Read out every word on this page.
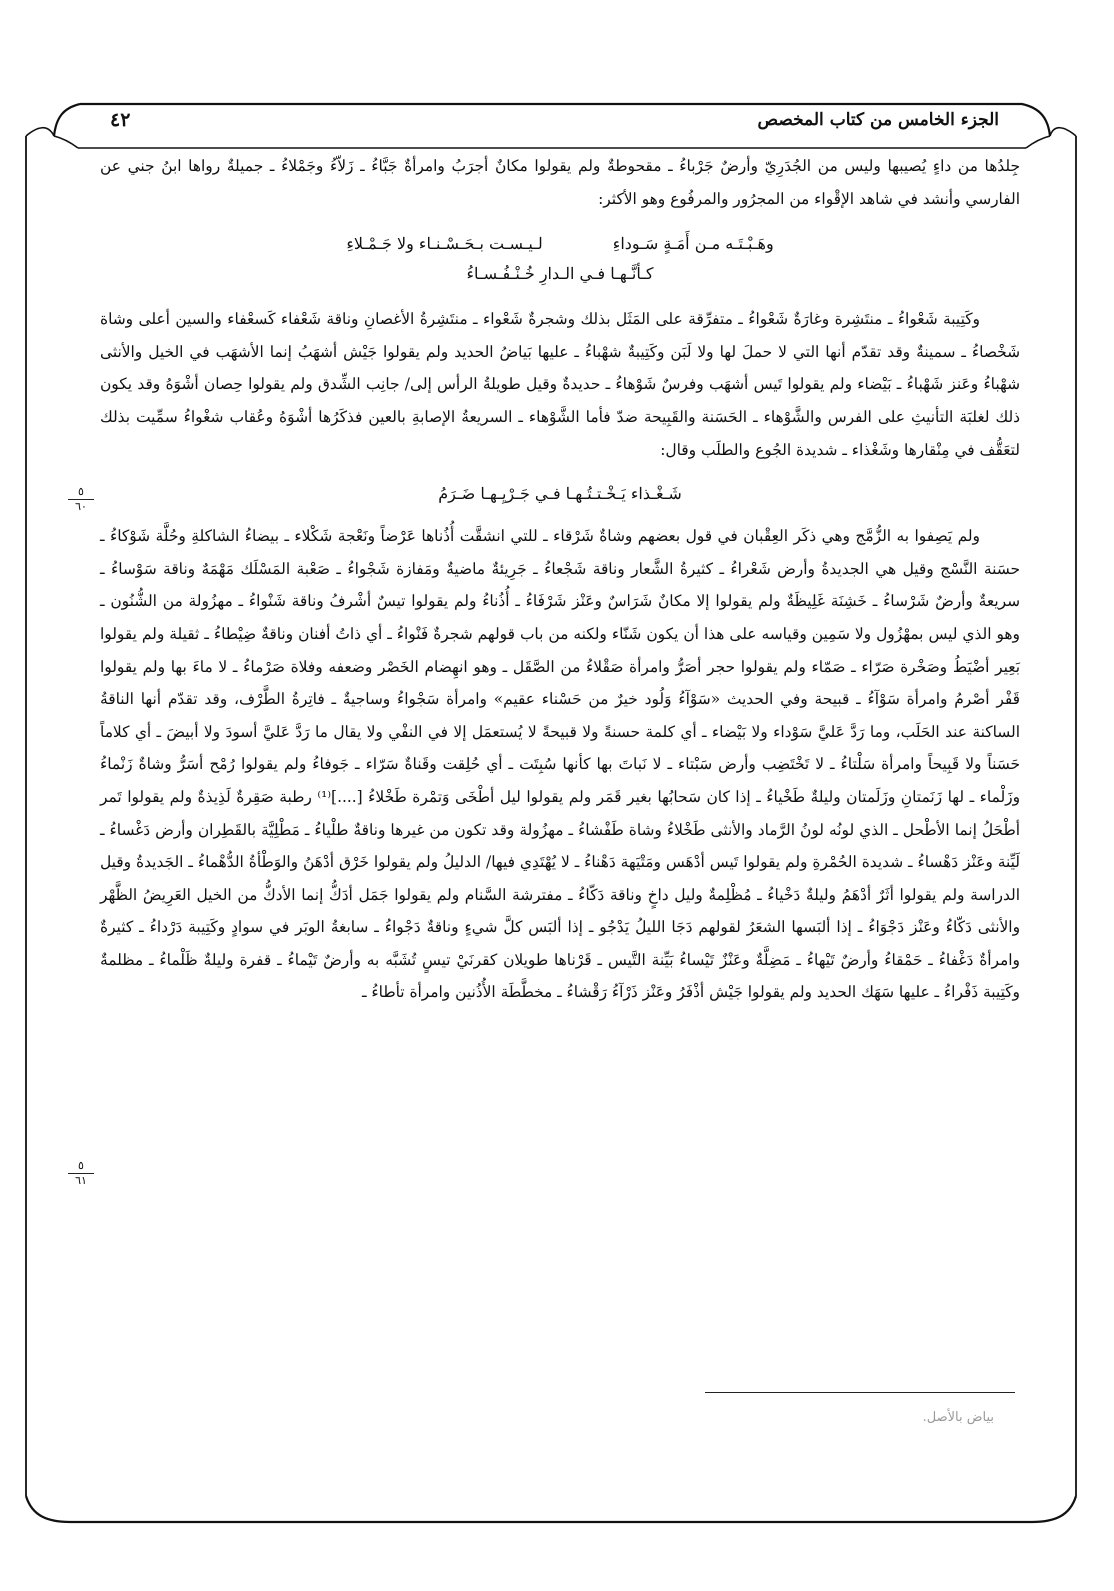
الجزء الخامس من كتاب المخصص
٤٢
٥
٦٠
٥
٦١

جِلدُها من داءٍ يُصيبها وليس من الجُدَرِيّ وأرضٌ جَرْباءُ ـ مقحوطةٌ ولم يقولوا مكانٌ أجرَبُ وامرأةٌ جَبَّاءُ ـ زَلاّءُ وجَمْلاءُ ـ جميلةٌ رواها ابنُ جني عن الفارسي وأنشد في شاهد الإقْواء من المجرُور والمرفُوع وهو الأكثر:

وهَـبْـتَـه مـن أَمَـةٍ سَـوداءِ
لـيـسـت بـحَـسْـنـاء ولا جَـمْـلاءِ
كـأنَّـهـا فـي الـدارِ خُـنْـفُـسـاءُ

وكَتِيبة شَعْواءُ ـ منتَشِرة وغارَةٌ شَعْواءُ ـ متفرِّقة على المَثَل بذلك وشجرةٌ شَعْواء ـ منتَشِرةُ الأغصانِ وناقة شَعْفاء كَسعْفاء والسين أعلى وشاة شَخْصاءُ ـ سمينةٌ وقد تقدّم أنها التي لا حملَ لها ولا لَبَن وكَتِيبةٌ شهْباءُ ـ عليها بَياضُ الحديد ولم يقولوا جَيْش أشهَبُ إنما الأشهَب في الخيل والأنثى شهْباءُ وعَنز شَهْباءُ ـ بَيْضاء ولم يقولوا تَيس أشهَب وفرسٌ شَوْهاءُ ـ حديدةٌ وقيل طويلةُ الرأس إلى/ جانِب الشِّدق ولم يقولوا حِصان أشْوَهُ وقد يكون ذلك لغلبَة التأنيثِ على الفرس والشَّوْهاء ـ الحَسَنة والقَبِيحة ضدّ فأما الشَّوْهاء ـ السريعةُ الإصابةِ بالعين فذكَرُها أشْوَهُ وعُقاب شغْواءُ سمِّيت بذلك لتعَقُّف في مِنْقارها وشَغْذاء ـ شديدة الجُوع والطلَب وقال:

شَـغْـذاء يَـخْـتـتُـهـا فـي جَـرْيِـهـا ضَـرَمُ

ولم يَصِفوا به الزُّمَّج وهي ذكَر العِقْبان في قول بعضهم وشاةٌ شَرْقاء ـ للتي انشقَّت أُذُناها عَرْضاً ونَعْجة شَكْلاء ـ بيضاءُ الشاكلةِ وحُلَّة شَوْكاءُ ـ حسَنة النَّسْج وقيل هي الجديدةُ وأرض شَعْراءُ ـ كثيرةُ الشَّعار وناقة شَجْعاءُ ـ جَرِيئةٌ ماضيةٌ ومَفازة شَجْواءُ ـ صَعْبة المَسْلَك مَهْمَهٌ وناقة سَوْساءُ ـ سريعةٌ وأرضٌ شَرْساءُ ـ خَشِنَة غَلِيظَةٌ ولم يقولوا إلا مكانٌ شَرَاسٌ وعَنْز شَرْفَاءُ ـ أُذُناءُ ولم يقولوا تيسٌ أشْرفُ وناقة شَنْواءُ ـ مهزُولة من الشُّنُون ـ وهو الذي ليس بمهْزُول ولا سَمِين وقياسه على هذا أن يكون شَنّاء ولكنه من باب قولهم شجرةٌ فَنْواءُ ـ أي ذاتُ أفنان وناقةٌ ضِيْطاءُ ـ ثقيلة ولم يقولوا بَعِير أضْيَطُ وصَخْرة صَرّاء ـ صَمّاء ولم يقولوا حجر أصَرُّ وامرأة صَقْلاءُ من الصَّقَل ـ وهو انهِضام الخَصْر وضعفه وفلاة صَرْماءُ ـ لا ماءَ بها ولم يقولوا قَفْر أصْرمُ وامرأة سَوْآءُ ـ قبيحة وفي الحديث «سَوْآءُ وَلُود خيرٌ من حَسْناء عقيم» وامرأة سَجْواءُ وساجيةٌ ـ فاتِرةُ الطَّرْف، وقد تقدّم أنها الناقةُ الساكنة عند الحَلَب، وما رَدَّ عَليَّ سَوْداء ولا بَيْضاء ـ أي كلمة حسنةً ولا قبيحةً لا يُستعمَل إلا في النفْي ولا يقال ما رَدَّ عَليَّ أسودَ ولا أبيضَ ـ أي كلاماً حَسَناً ولا قَبِيحاً وامرأة سَلْتاءُ ـ لا تَخْتَضِب وأرض سَبْتاء ـ لا نَباتَ بها كأنها سُبِتَت ـ أي حُلِقت وقَناةٌ سَرّاء ـ جَوفاءُ ولم يقولوا رُمْح أسَرُّ وشاةٌ زَنْماءُ وزَلْماء ـ لها زَنَمتانِ وزَلَمتان وليلةٌ طَخْياءُ ـ إذا كان سَحابُها بغير قَمَر ولم يقولوا ليل أطْخَى وَتمْرة طَخْلاءُ [....]⁽¹⁾ رطبة صَقِرةٌ لَذِيذةٌ ولم يقولوا تَمر أطْحَلُ إنما الأطْحل ـ الذي لونُه لونُ الرَّماد والأنثى طَخْلاءُ وشاة طَفْشاءُ ـ مهزُولة وقد تكون من غيرها وناقةٌ طلْياءُ ـ مَطْلِيَّة بالقَطِران وأرض دَغْساءُ ـ لَيِّنة وعَنْز دَهْساءُ ـ شديدة الحُمْرةِ ولم يقولوا تَيس أدْهَس ومَتْيَهة دَهْناءُ ـ لا يُهْتَدِي فيها/ الدليلُ ولم يقولوا خَرْق أدْهَنُ والوَطْأةُ الدُّهْماءُ ـ الجَديدةُ وقيل الدراسة ولم يقولوا أثَرٌ أدْهَمُ وليلةٌ دَخْياءُ ـ مُظْلِمةٌ وليل داخٍ وناقة دَكّاءُ ـ مفترشة السَّنام ولم يقولوا جَمَل أدَكُّ إنما الأدكُّ من الخيل العَرِيضُ الظَّهْر والأنثى دَكّاءُ وعَنْز دَجْوَاءُ ـ إذا ألبَسها الشعَرُ لقولهم دَجَا الليلُ يَدْجُو ـ إذا ألبَس كلَّ شيءٍ وناقةٌ دَجْواءُ ـ سابغةُ الوبَر في سوادٍ وكَتِيبة دَرْداءُ ـ كثيرةٌ وامرأةٌ دَغْفاءُ ـ حَمْقاءُ وأرضٌ تَيْهاءُ ـ مَضِلَّةٌ وعَنْزٌ تَيْساءُ بَيِّنة التَّيس ـ قَرْناها طويلان كقرنَيْ تيسٍ تُشَبَّه به وأرضٌ تَيْماءُ ـ قفرة وليلةٌ ظَلْماءُ ـ مظلمةٌ وكَتِيبة ذَفْراءُ ـ عليها سَهَك الحديد ولم يقولوا جَيْش أذْفَرُ وعَنْز ذَرْآءُ رَقْشاءُ ـ مخطَّطَة الأُذُنين وامرأة تأطاءُ ـ

بياض بالأصل.
